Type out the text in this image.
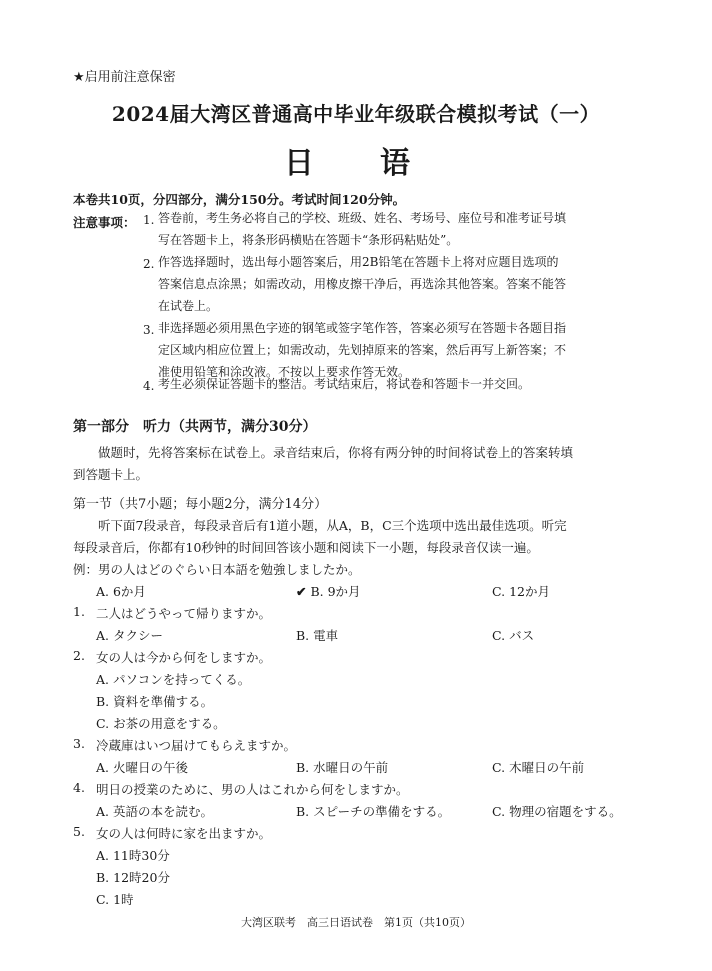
★启用前注意保密
2024届大湾区普通高中毕业年级联合模拟考试（一）
日　语
本卷共10页，分四部分，满分150分。考试时间120分钟。
注意事项： 1. 答卷前，考生务必将自己的学校、班级、姓名、考场号、座位号和准考证号填
写在答题卡上，将条形码横贴在答题卡“条形码粘贴处”。
2. 作答选择题时，选出每小题答案后，用2B铅笔在答题卡上将对应题目选项的
答案信息点涂黑；如需改动，用橡皮擦干净后，再选涂其他答案。答案不能答
在试卷上。
3. 非选择题必须用黑色字迹的钢笔或签字笔作答，答案必须写在答题卡各题目指
定区域内相应位置上；如需改动，先划掉原来的答案，然后再写上新答案；不
准使用铅笔和涂改液。不按以上要求作答无效。
4. 考生必须保证答题卡的整洁。考试结束后，将试卷和答题卡一并交回。
第一部分　听力（共两节，满分30分）
做题时，先将答案标在试卷上。录音结束后，你将有两分钟的时间将试卷上的答案转填
到答题卡上。
第一节（共7小题；每小题2分，满分14分）
听下面7段录音，每段录音后有1道小题，从A，B，C三个选项中选出最佳选项。听完
每段录音后，你都有10秒钟的时间回答该小题和阅读下一小题，每段录音仅读一遍。
例：男の人はどのぐらい日本語を勉強しましたか。
A. 6か月	✔ B. 9か月	C. 12か月
1. 二人はどうやって帰りますか。
A. タクシー	B. 電車	C. バス
2. 女の人は今から何をしますか。
A. パソコンを持ってくる。
B. 資料を準備する。
C. お茶の用意をする。
3. 冷蔵庫はいつ届けてもらえますか。
A. 火曜日の午後	B. 水曜日の午前	C. 木曜日の午前
4. 明日の授業のために、男の人はこれから何をしますか。
A. 英語の本を読む。	B. スピーチの準備をする。	C. 物理の宿題をする。
5. 女の人は何時に家を出ますか。
A. 11時30分
B. 12時20分
C. 1時
大湾区联考　高三日语试卷　第1页（共10页）
